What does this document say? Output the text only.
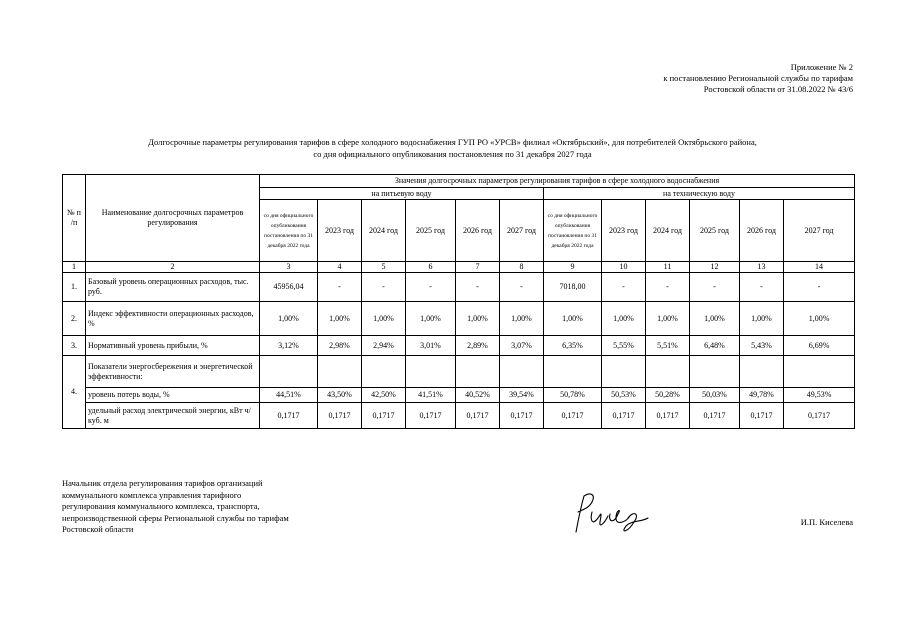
Приложение № 2
к постановлению Региональной службы по тарифам
Ростовской области от 31.08.2022 № 43/6
Долгосрочные параметры регулирования тарифов в сфере холодного водоснабжения ГУП РО «УРСВ» филиал «Октябрьский», для потребителей Октябрьского района,
со дня официального опубликования постановления по 31 декабря 2027 года
№ п /п	Наименование долгосрочных параметров регулирования	Значения долгосрочных параметров регулирования тарифов в сфере холодного водоснабжения											
		на питьевую воду						на техническую воду					
		со дня официального опубликования постановления по 31 декабря 2022 года	2023 год	2024 год	2025 год	2026 год	2027 год	со дня официального опубликования постановления по 31 декабря 2022 года	2023 год	2024 год	2025 год	2026 год	2027 год
1	2	3	4	5	6	7	8	9	10	11	12	13	14
1.	Базовый уровень операционных расходов, тыс. руб.	45956,04	-	-	-	-	-	7018,00	-	-	-	-	-
2.	Индекс эффективности операционных расходов, %	1,00%	1,00%	1,00%	1,00%	1,00%	1,00%	1,00%	1,00%	1,00%	1,00%	1,00%	1,00%
3.	Нормативный уровень прибыли, %	3,12%	2,98%	2,94%	3,01%	2,89%	3,07%	6,35%	5,55%	5,51%	6,48%	5,43%	6,69%
4.	Показатели энергосбережения и энергетической эффективности:												
	уровень потерь воды, %	44,51%	43,50%	42,50%	41,51%	40,52%	39,54%	50,78%	50,53%	50,28%	50,03%	49,78%	49,53%
	удельный расход электрической энергии, кВт ч/куб. м	0,1717	0,1717	0,1717	0,1717	0,1717	0,1717	0,1717	0,1717	0,1717	0,1717	0,1717	0,1717
Начальник отдела регулирования тарифов организаций
коммунального комплекса управления тарифного
регулирования коммунального комплекса, транспорта,
непроизводственной сферы Региональной службы по тарифам
Ростовской области
И.П. Киселева
